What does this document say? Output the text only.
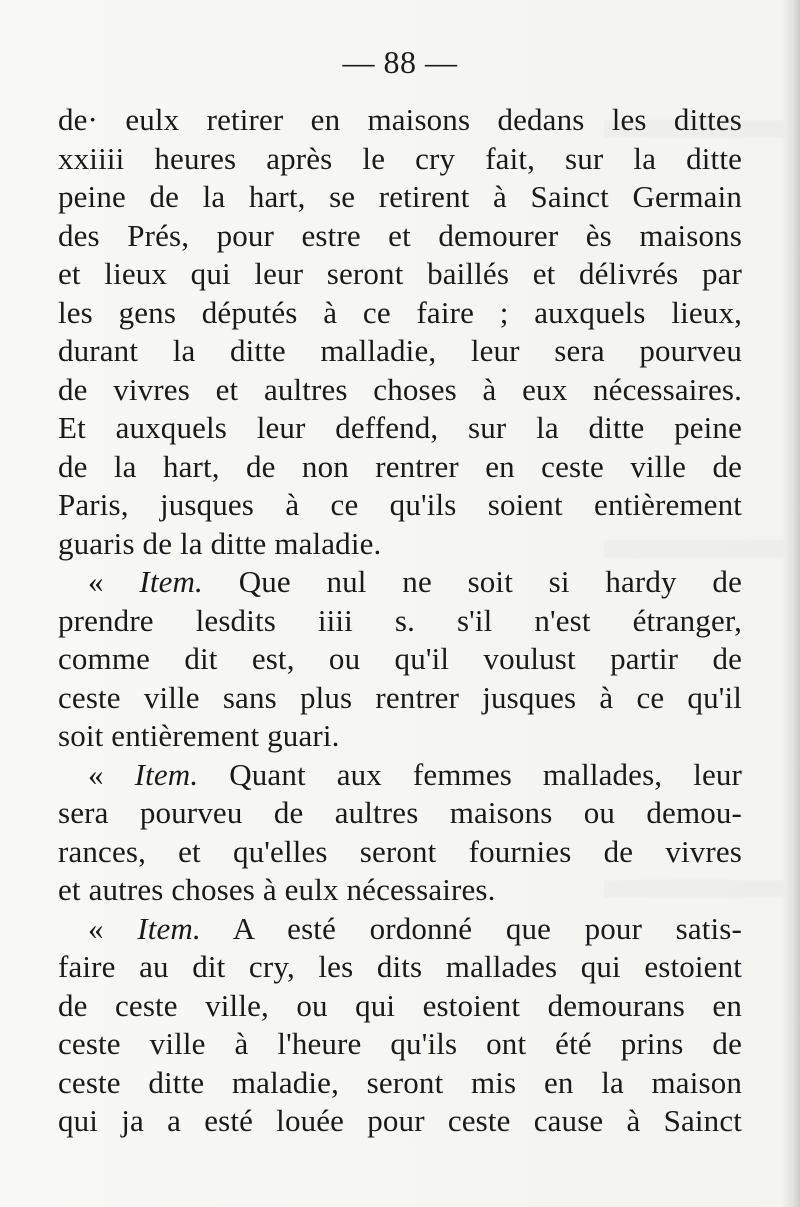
— 88 —
de· eulx retirer en maisons dedans les dittes
xxiiii heures après le cry fait, sur la ditte
peine de la hart, se retirent à Sainct Germain
des Prés, pour estre et demourer ès maisons
et lieux qui leur seront baillés et délivrés par
les gens députés à ce faire ; auxquels lieux,
durant la ditte malladie, leur sera pourveu
de vivres et aultres choses à eux nécessaires.
Et auxquels leur deffend, sur la ditte peine
de la hart, de non rentrer en ceste ville de
Paris, jusques à ce qu'ils soient entièrement
guaris de la ditte maladie.
« Item. Que nul ne soit si hardy de
prendre lesdits iiii s. s'il n'est étranger,
comme dit est, ou qu'il voulust partir de
ceste ville sans plus rentrer jusques à ce qu'il
soit entièrement guari.
« Item. Quant aux femmes mallades, leur
sera pourveu de aultres maisons ou demou-
rances, et qu'elles seront fournies de vivres
et autres choses à eulx nécessaires.
« Item. A esté ordonné que pour satis-
faire au dit cry, les dits mallades qui estoient
de ceste ville, ou qui estoient demourans en
ceste ville à l'heure qu'ils ont été prins de
ceste ditte maladie, seront mis en la maison
qui ja a esté louée pour ceste cause à Sainct
